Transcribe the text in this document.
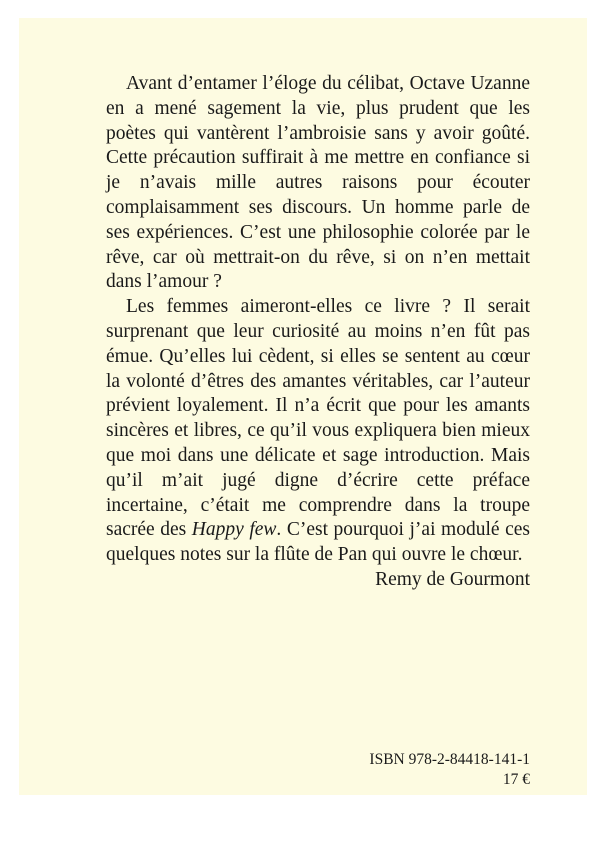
Avant d’entamer l’éloge du célibat, Octave Uzanne en a mené sagement la vie, plus prudent que les poètes qui vantèrent l’ambroisie sans y avoir goûté. Cette précaution suffirait à me mettre en confiance si je n’avais mille autres raisons pour écouter complaisamment ses discours. Un homme parle de ses expériences. C’est une philosophie colorée par le rêve, car où mettrait-on du rêve, si on n’en mettait dans l’amour ?

Les femmes aimeront-elles ce livre ? Il serait surprenant que leur curiosité au moins n’en fût pas émue. Qu’elles lui cèdent, si elles se sentent au cœur la volonté d’êtres des amantes véritables, car l’auteur prévient loyalement. Il n’a écrit que pour les amants sincères et libres, ce qu’il vous expliquera bien mieux que moi dans une délicate et sage introduction. Mais qu’il m’ait jugé digne d’écrire cette préface incertaine, c’était me comprendre dans la troupe sacrée des Happy few. C’est pourquoi j’ai modulé ces quelques notes sur la flûte de Pan qui ouvre le chœur.

Remy de Gourmont

ISBN 978-2-84418-141-1
17 €
